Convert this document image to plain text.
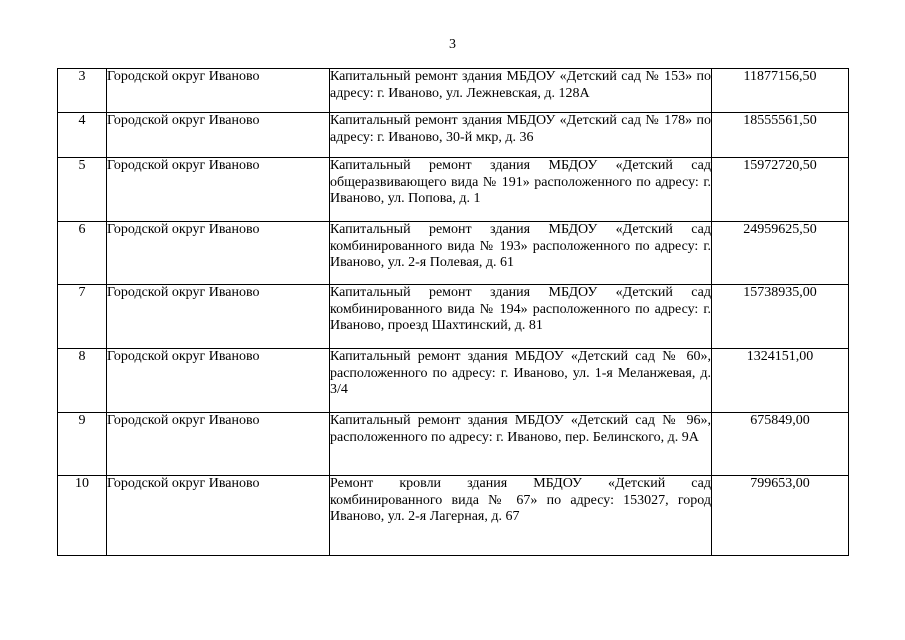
3
3	Городской округ Иваново	Капитальный ремонт здания МБДОУ «Детский сад № 153» по адресу: г. Иваново, ул. Лежневская, д. 128А	11877156,50
4	Городской округ Иваново	Капитальный ремонт здания МБДОУ «Детский сад № 178» по адресу: г. Иваново, 30-й мкр, д. 36	18555561,50
5	Городской округ Иваново	Капитальный ремонт здания МБДОУ «Детский сад общеразвивающего вида № 191» расположенного по адресу: г. Иваново, ул. Попова, д. 1	15972720,50
6	Городской округ Иваново	Капитальный ремонт здания МБДОУ «Детский сад комбинированного вида № 193» расположенного по адресу: г. Иваново, ул. 2-я Полевая, д. 61	24959625,50
7	Городской округ Иваново	Капитальный ремонт здания МБДОУ «Детский сад комбинированного вида № 194» расположенного по адресу: г. Иваново, проезд Шахтинский, д. 81	15738935,00
8	Городской округ Иваново	Капитальный ремонт здания МБДОУ «Детский сад № 60», расположенного по адресу: г. Иваново, ул. 1-я Меланжевая, д. 3/4	1324151,00
9	Городской округ Иваново	Капитальный ремонт здания МБДОУ «Детский сад № 96», расположенного по адресу: г. Иваново, пер. Белинского, д. 9А	675849,00
10	Городской округ Иваново	Ремонт кровли здания МБДОУ «Детский сад комбинированного вида № 67» по адресу: 153027, город Иваново, ул. 2-я Лагерная, д. 67	799653,00
